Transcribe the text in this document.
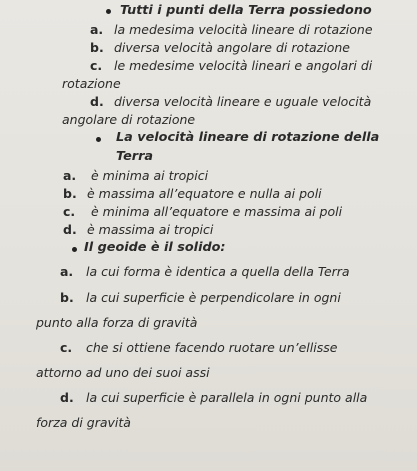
Tutti i punti della Terra possiedono
a. la medesima velocità lineare di rotazione
b. diversa velocità angolare di rotazione
c. le medesime velocità lineari e angolari di
rotazione
d. diversa velocità lineare e uguale velocità
angolare di rotazione
La velocità lineare di rotazione della
Terra
a. è minima ai tropici
b. è massima all’equatore e nulla ai poli
c. è minima all’equatore e massima ai poli
d. è massima ai tropici
Il geoide è il solido:
a. la cui forma è identica a quella della Terra
b. la cui superficie è perpendicolare in ogni
punto alla forza di gravità
c. che si ottiene facendo ruotare un’ellisse
attorno ad uno dei suoi assi
d. la cui superficie è parallela in ogni punto alla
forza di gravità
